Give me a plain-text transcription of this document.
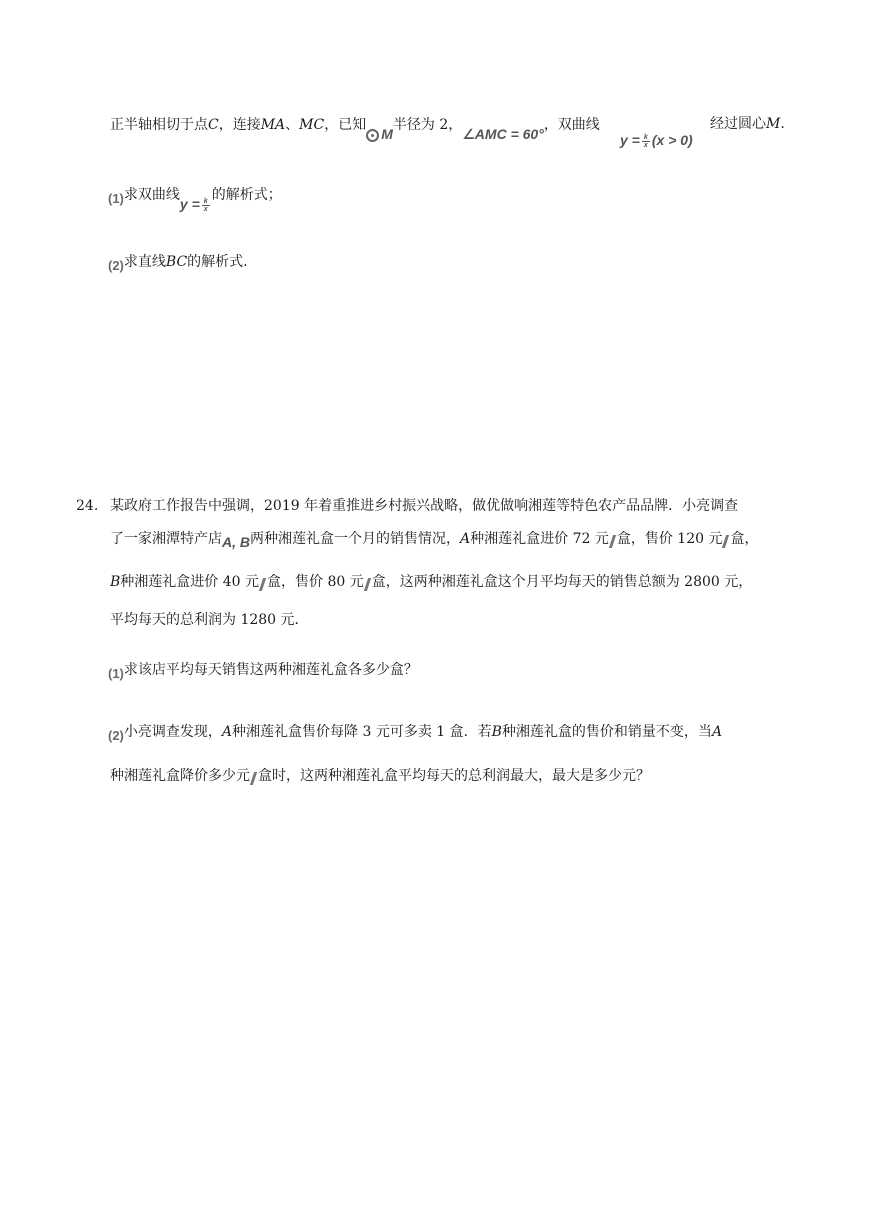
正半轴相切于点C，连接MA、MC，已知M半径为 2，∠AMC = 60°，双曲线
$y = \frac{k}{x} (x > 0)$
经过圆心M.
(1)求双曲线$y = \frac{k}{x}$
的解析式；
(2)求直线BC的解析式.
24. 某政府工作报告中强调，2019 年着重推进乡村振兴战略，做优做响湘莲等特色农产品品牌．小亮调查
了一家湘潭特产店A, B两种湘莲礼盒一个月的销售情况，A种湘莲礼盒进价 72 元 盒，售价 120 元 盒，
B种湘莲礼盒进价 40 元 盒，售价 80 元 盒，这两种湘莲礼盒这个月平均每天的销售总额为 2800 元，
平均每天的总利润为 1280 元．
(1)求该店平均每天销售这两种湘莲礼盒各多少盒？
(2)小亮调查发现，A种湘莲礼盒售价每降 3 元可多卖 1 盒．若B种湘莲礼盒的售价和销量不变，当A
种湘莲礼盒降价多少元 盒时，这两种湘莲礼盒平均每天的总利润最大，最大是多少元？
